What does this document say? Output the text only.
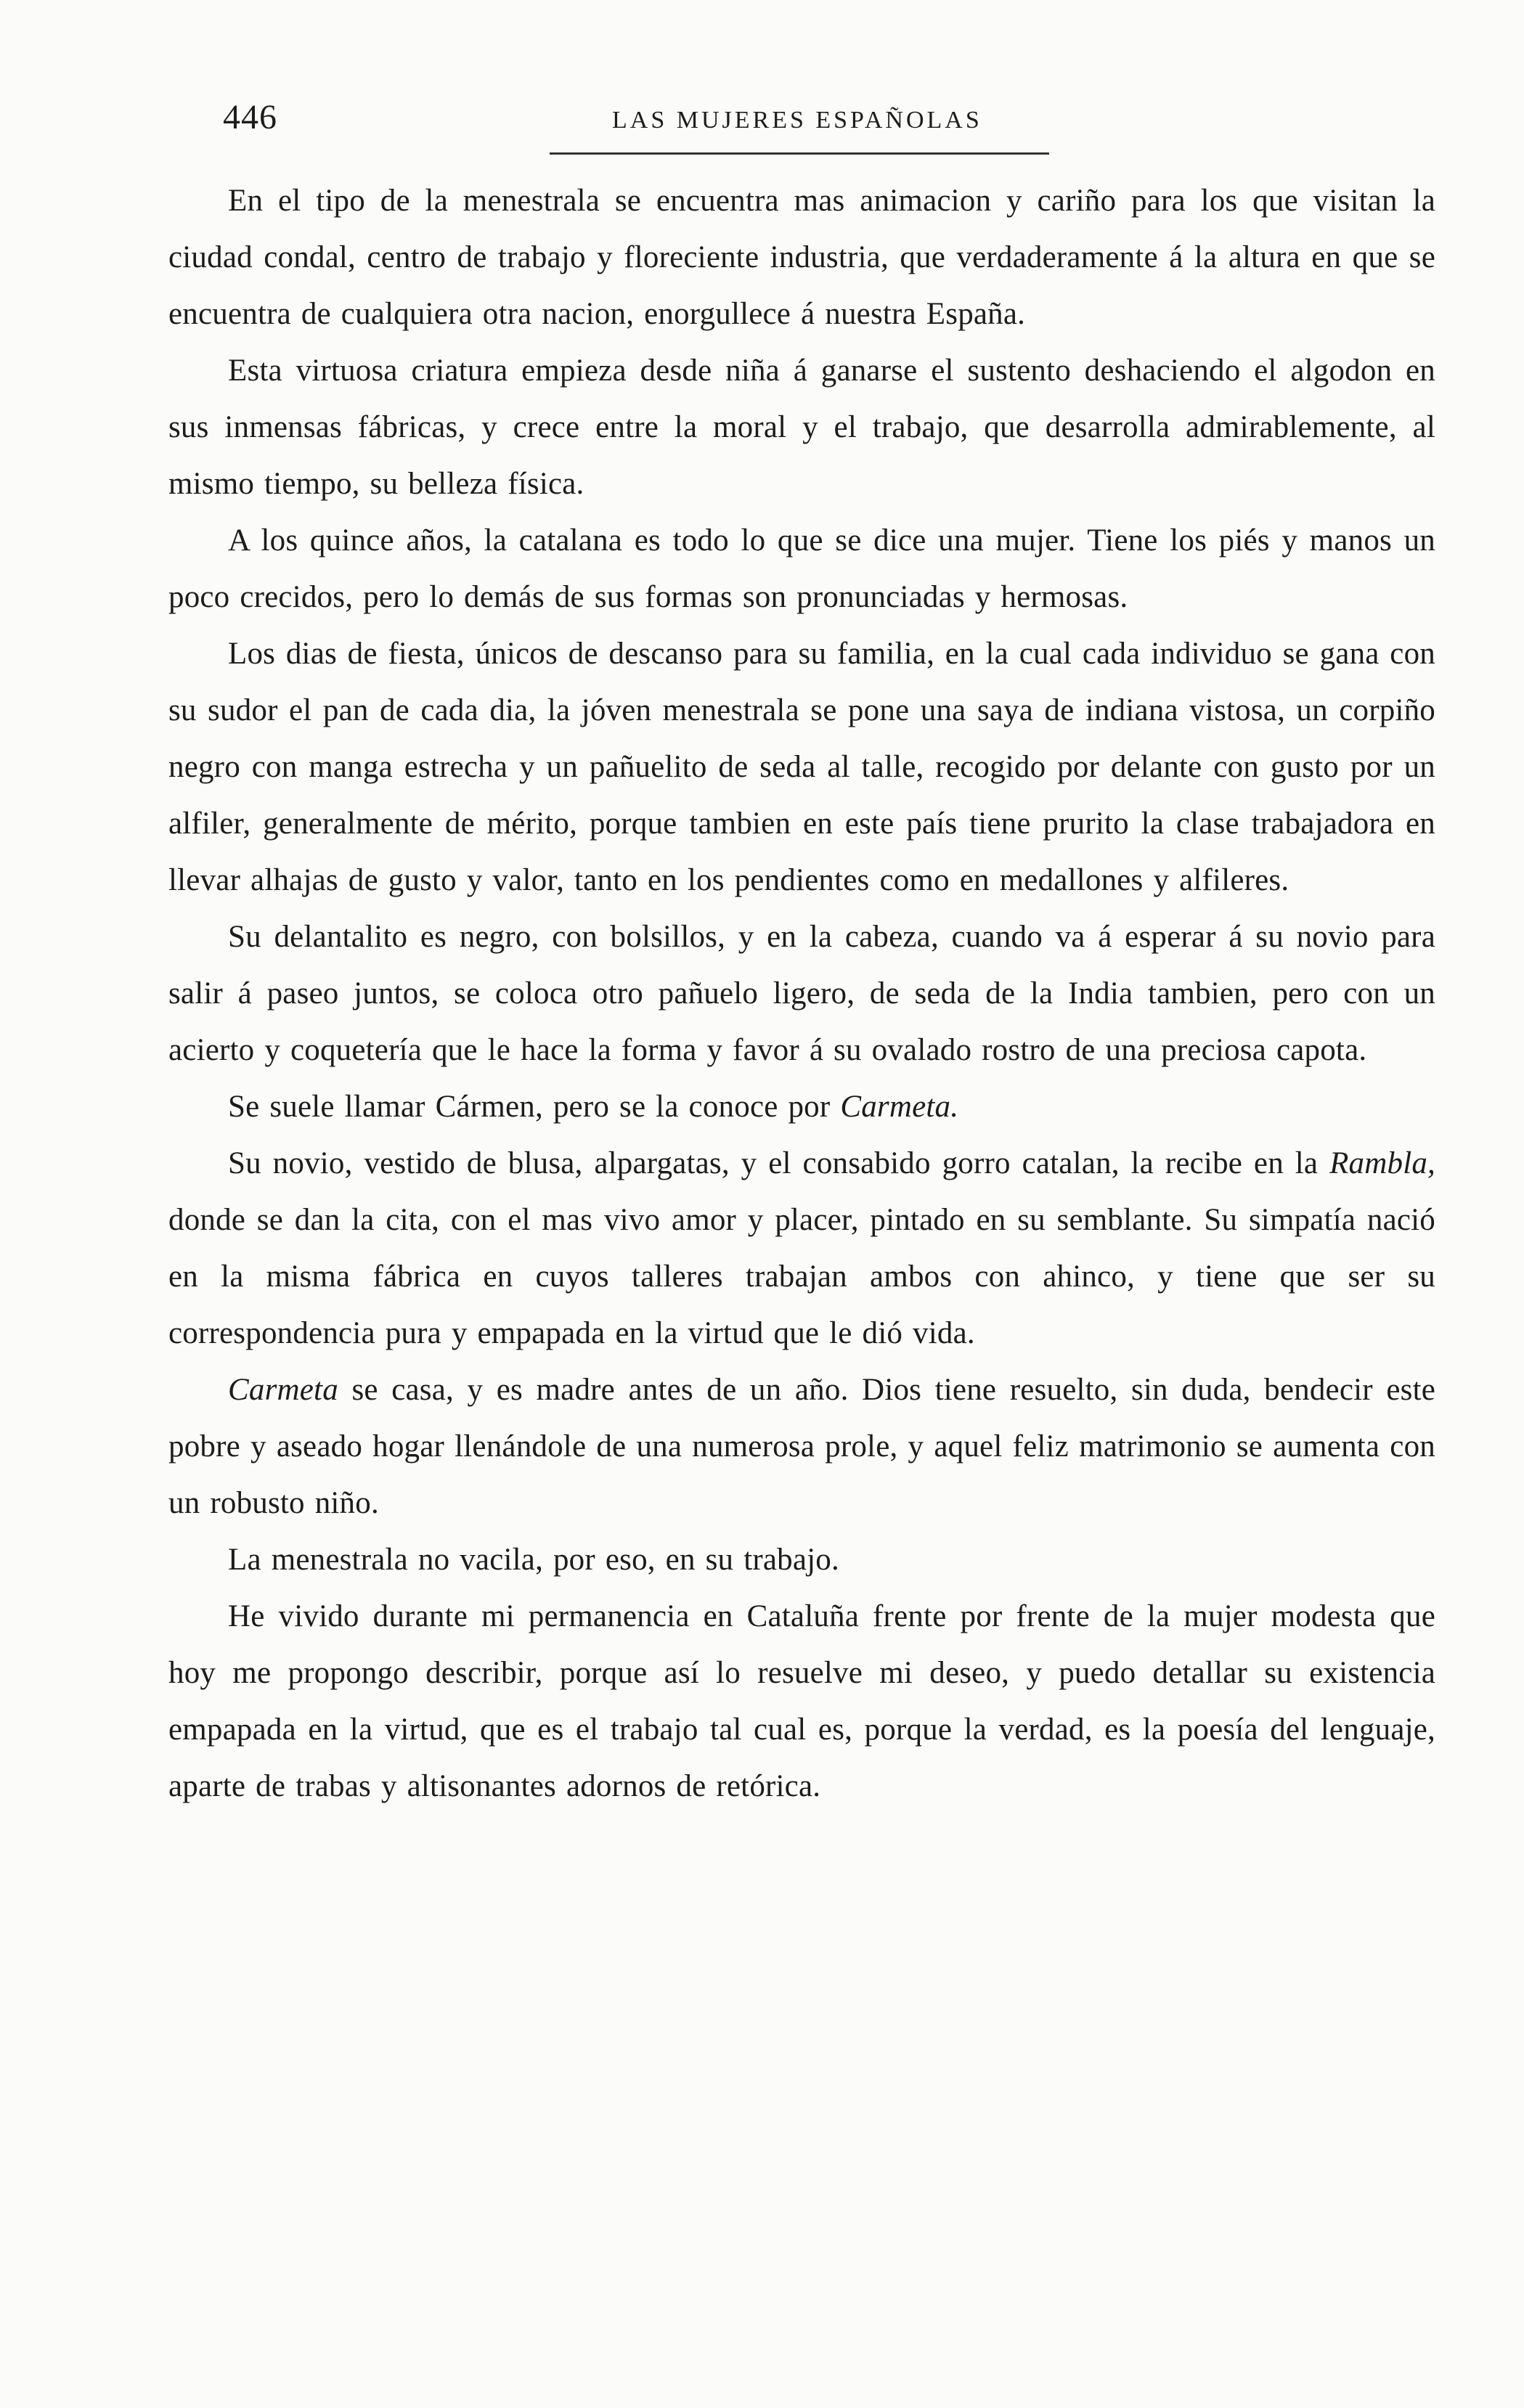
446	LAS MUJERES ESPAÑOLAS

En el tipo de la menestrala se encuentra mas animacion y cariño para los que visitan la ciudad condal, centro de trabajo y floreciente industria, que verdaderamente á la altura en que se encuentra de cualquiera otra nacion, enorgullece á nuestra España.

Esta virtuosa criatura empieza desde niña á ganarse el sustento deshaciendo el algodon en sus inmensas fábricas, y crece entre la moral y el trabajo, que desarrolla admirablemente, al mismo tiempo, su belleza física.

A los quince años, la catalana es todo lo que se dice una mujer. Tiene los piés y manos un poco crecidos, pero lo demás de sus formas son pronunciadas y hermosas.

Los dias de fiesta, únicos de descanso para su familia, en la cual cada individuo se gana con su sudor el pan de cada dia, la jóven menestrala se pone una saya de indiana vistosa, un corpiño negro con manga estrecha y un pañuelito de seda al talle, recogido por delante con gusto por un alfiler, generalmente de mérito, porque tambien en este país tiene prurito la clase trabajadora en llevar alhajas de gusto y valor, tanto en los pendientes como en medallones y alfileres.

Su delantalito es negro, con bolsillos, y en la cabeza, cuando va á esperar á su novio para salir á paseo juntos, se coloca otro pañuelo ligero, de seda de la India tambien, pero con un acierto y coquetería que le hace la forma y favor á su ovalado rostro de una preciosa capota.

Se suele llamar Cármen, pero se la conoce por Carmeta.

Su novio, vestido de blusa, alpargatas, y el consabido gorro catalan, la recibe en la Rambla, donde se dan la cita, con el mas vivo amor y placer, pintado en su semblante. Su simpatía nació en la misma fábrica en cuyos talleres trabajan ambos con ahinco, y tiene que ser su correspondencia pura y empapada en la virtud que le dió vida.

Carmeta se casa, y es madre antes de un año. Dios tiene resuelto, sin duda, bendecir este pobre y aseado hogar llenándole de una numerosa prole, y aquel feliz matrimonio se aumenta con un robusto niño.

La menestrala no vacila, por eso, en su trabajo.

He vivido durante mi permanencia en Cataluña frente por frente de la mujer modesta que hoy me propongo describir, porque así lo resuelve mi deseo, y puedo detallar su existencia empapada en la virtud, que es el trabajo tal cual es, porque la verdad, es la poesía del lenguaje, aparte de trabas y altisonantes adornos de retórica.
